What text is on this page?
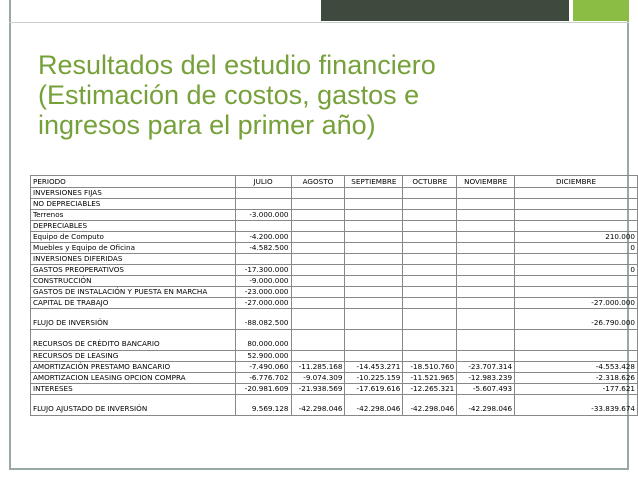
Resultados del estudio financiero
(Estimación de costos, gastos e
ingresos para el primer año)
PERIODO	JULIO	AGOSTO	SEPTIEMBRE	OCTUBRE	NOVIEMBRE	DICIEMBRE
INVERSIONES FIJAS						
NO DEPRECIABLES						
Terrenos	-3.000.000					
DEPRECIABLES						
Equipo de Computo	-4.200.000					210.000
Muebles y Equipo de Oficina	-4.582.500					0
INVERSIONES DIFERIDAS						
GASTOS PREOPERATIVOS	-17.300.000					0
CONSTRUCCIÓN	-9.000.000					
GASTOS DE INSTALACIÓN Y PUESTA EN MARCHA	-23.000.000					
CAPITAL DE TRABAJO	-27.000.000					-27.000.000
FLUJO DE INVERSIÓN	-88.082.500					-26.790.000
RECURSOS DE CRÉDITO BANCARIO	80.000.000					
RECURSOS DE LEASING	52.900.000					
AMORTIZACIÓN PRESTAMO BANCARIO	-7.490.060	-11.285.168	-14.453.271	-18.510.760	-23.707.314	-4.553.428
AMORTIZACION LEASING OPCION COMPRA	-6.776.702	-9.074.309	-10.225.159	-11.521.965	-12.983.239	-2.318.626
INTERESES	-20.981.609	-21.938.569	-17.619.616	-12.265.321	-5.607.493	-177.621
FLUJO AJUSTADO DE INVERSIÓN	9.569.128	-42.298.046	-42.298.046	-42.298.046	-42.298.046	-33.839.674
